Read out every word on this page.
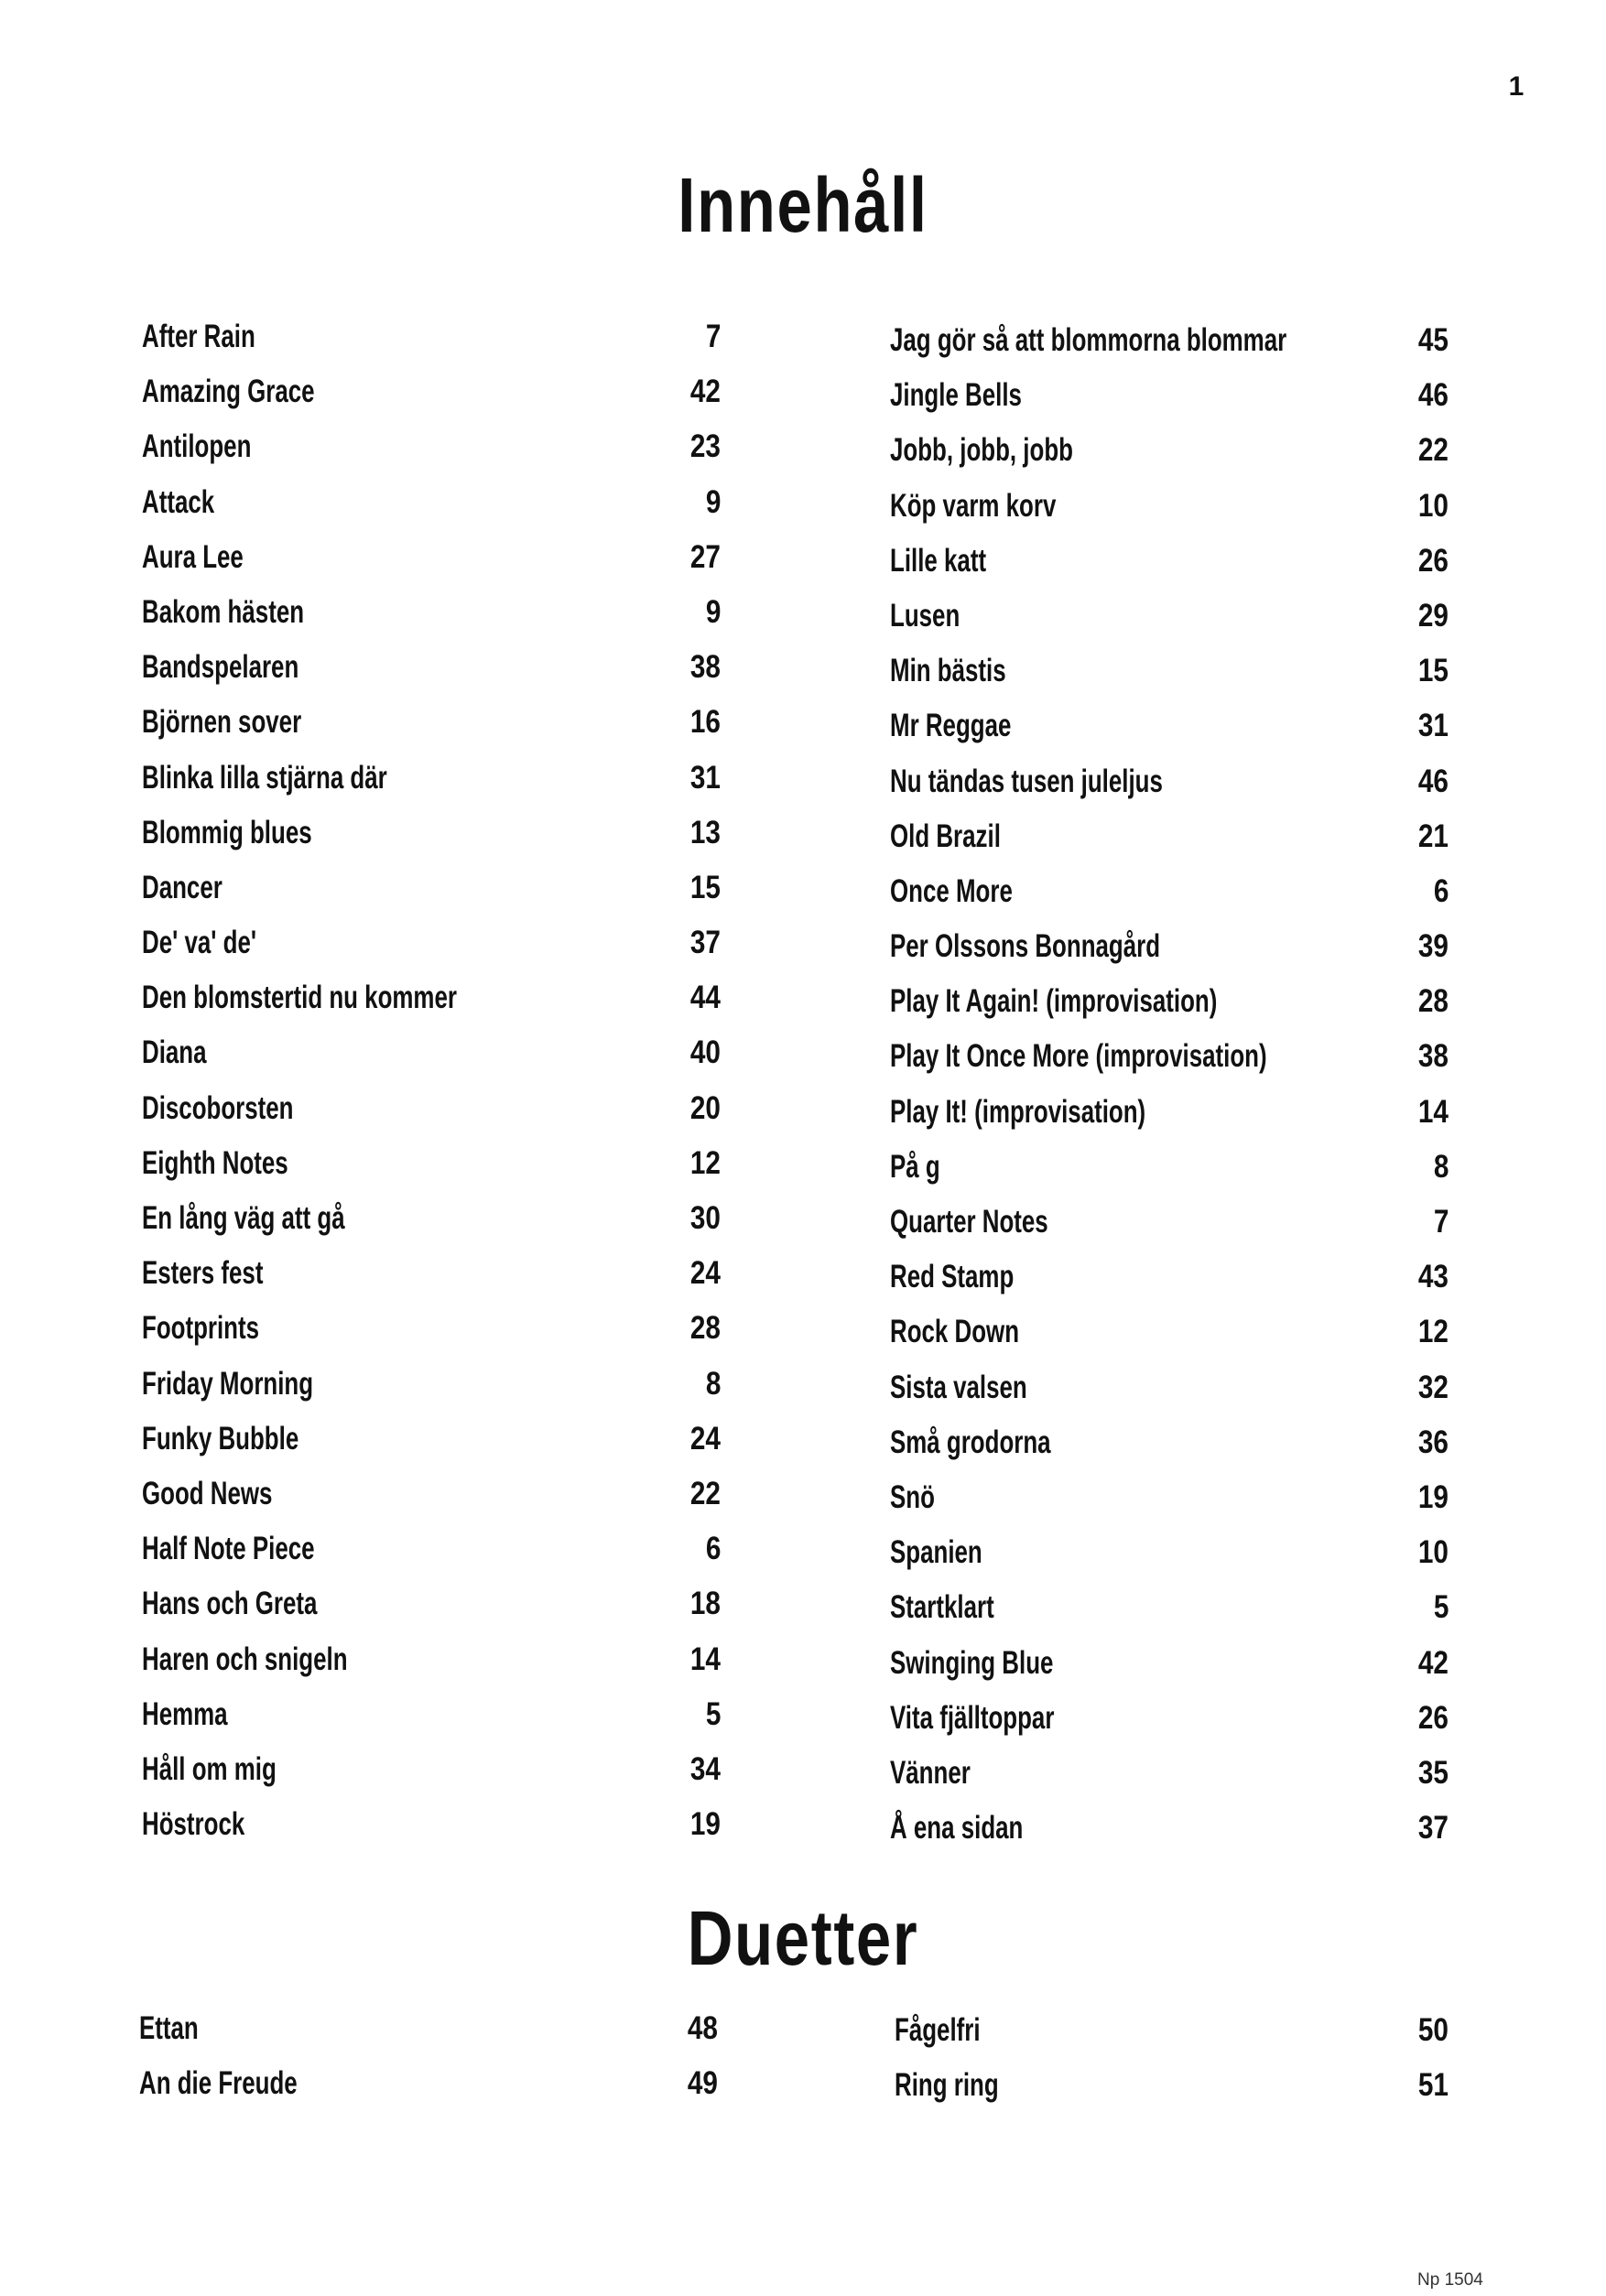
1
Innehåll
After Rain	7
Amazing Grace	42
Antilopen	23
Attack	9
Aura Lee	27
Bakom hästen	9
Bandspelaren	38
Björnen sover	16
Blinka lilla stjärna där	31
Blommig blues	13
Dancer	15
De' va' de'	37
Den blomstertid nu kommer	44
Diana	40
Discoborsten	20
Eighth Notes	12
En lång väg att gå	30
Esters fest	24
Footprints	28
Friday Morning	8
Funky Bubble	24
Good News	22
Half Note Piece	6
Hans och Greta	18
Haren och snigeln	14
Hemma	5
Håll om mig	34
Höstrock	19
Jag gör så att blommorna blommar	45
Jingle Bells	46
Jobb, jobb, jobb	22
Köp varm korv	10
Lille katt	26
Lusen	29
Min bästis	15
Mr Reggae	31
Nu tändas tusen juleljus	46
Old Brazil	21
Once More	6
Per Olssons Bonnagård	39
Play It Again! (improvisation)	28
Play It Once More (improvisation)	38
Play It! (improvisation)	14
På g	8
Quarter Notes	7
Red Stamp	43
Rock Down	12
Sista valsen	32
Små grodorna	36
Snö	19
Spanien	10
Startklart	5
Swinging Blue	42
Vita fjälltoppar	26
Vänner	35
Å ena sidan	37
Duetter
Ettan	48
An die Freude	49
Fågelfri	50
Ring ring	51
Np 1504
